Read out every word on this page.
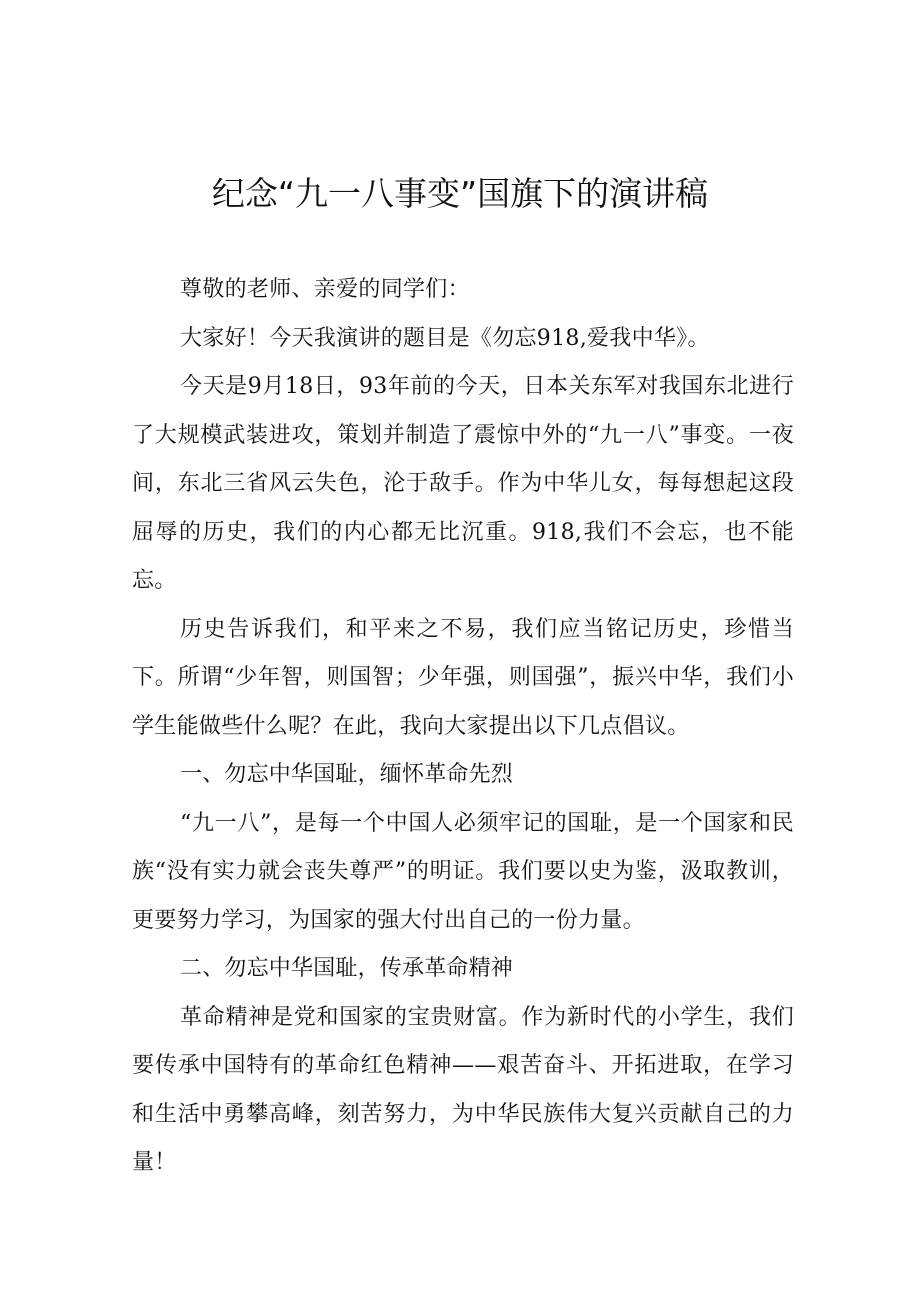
纪念“九一八事变”国旗下的演讲稿

尊敬的老师、亲爱的同学们：

大家好！今天我演讲的题目是《勿忘918,爱我中华》。

今天是9月18日，93年前的今天，日本关东军对我国东北进行了大规模武装进攻，策划并制造了震惊中外的“九一八”事变。一夜间，东北三省风云失色，沦于敌手。作为中华儿女，每每想起这段屈辱的历史，我们的内心都无比沉重。918,我们不会忘，也不能忘。

历史告诉我们，和平来之不易，我们应当铭记历史，珍惜当下。所谓“少年智，则国智；少年强，则国强”，振兴中华，我们小学生能做些什么呢？在此，我向大家提出以下几点倡议。

一、勿忘中华国耻，缅怀革命先烈

“九一八”，是每一个中国人必须牢记的国耻，是一个国家和民族“没有实力就会丧失尊严”的明证。我们要以史为鉴，汲取教训，更要努力学习，为国家的强大付出自己的一份力量。

二、勿忘中华国耻，传承革命精神

革命精神是党和国家的宝贵财富。作为新时代的小学生，我们要传承中国特有的革命红色精神——艰苦奋斗、开拓进取，在学习和生活中勇攀高峰，刻苦努力，为中华民族伟大复兴贡献自己的力量！
